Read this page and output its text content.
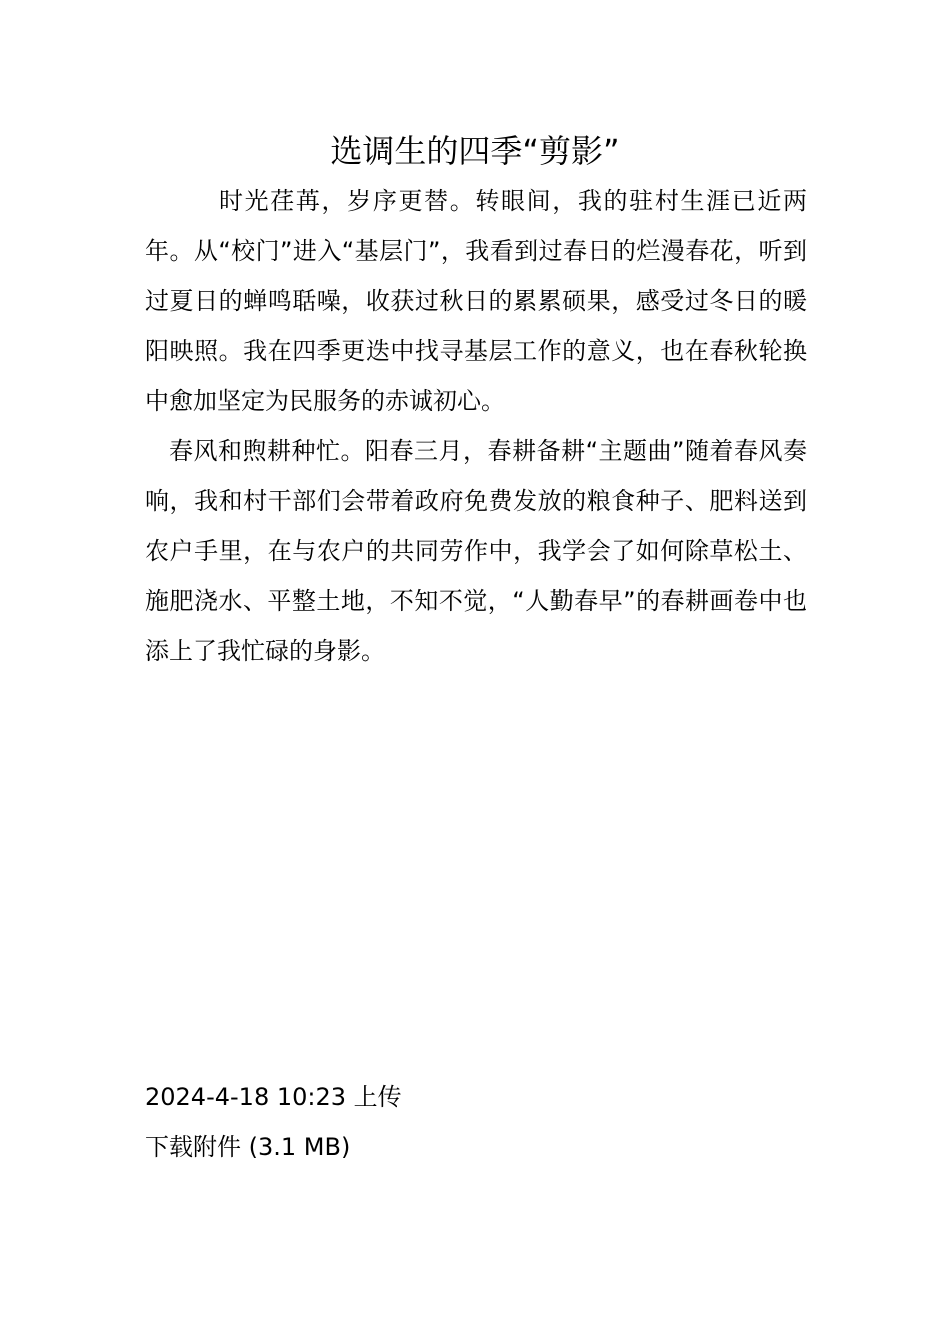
选调生的四季“剪影”

时光荏苒，岁序更替。转眼间，我的驻村生涯已近两年。从“校门”进入“基层门”，我看到过春日的烂漫春花，听到过夏日的蝉鸣聒噪，收获过秋日的累累硕果，感受过冬日的暖阳映照。我在四季更迭中找寻基层工作的意义，也在春秋轮换中愈加坚定为民服务的赤诚初心。

春风和煦耕种忙。阳春三月，春耕备耕“主题曲”随着春风奏响，我和村干部们会带着政府免费发放的粮食种子、肥料送到农户手里，在与农户的共同劳作中，我学会了如何除草松土、施肥浇水、平整土地，不知不觉，“人勤春早”的春耕画卷中也添上了我忙碌的身影。

2024-4-18 10:23 上传
下载附件 (3.1 MB)
